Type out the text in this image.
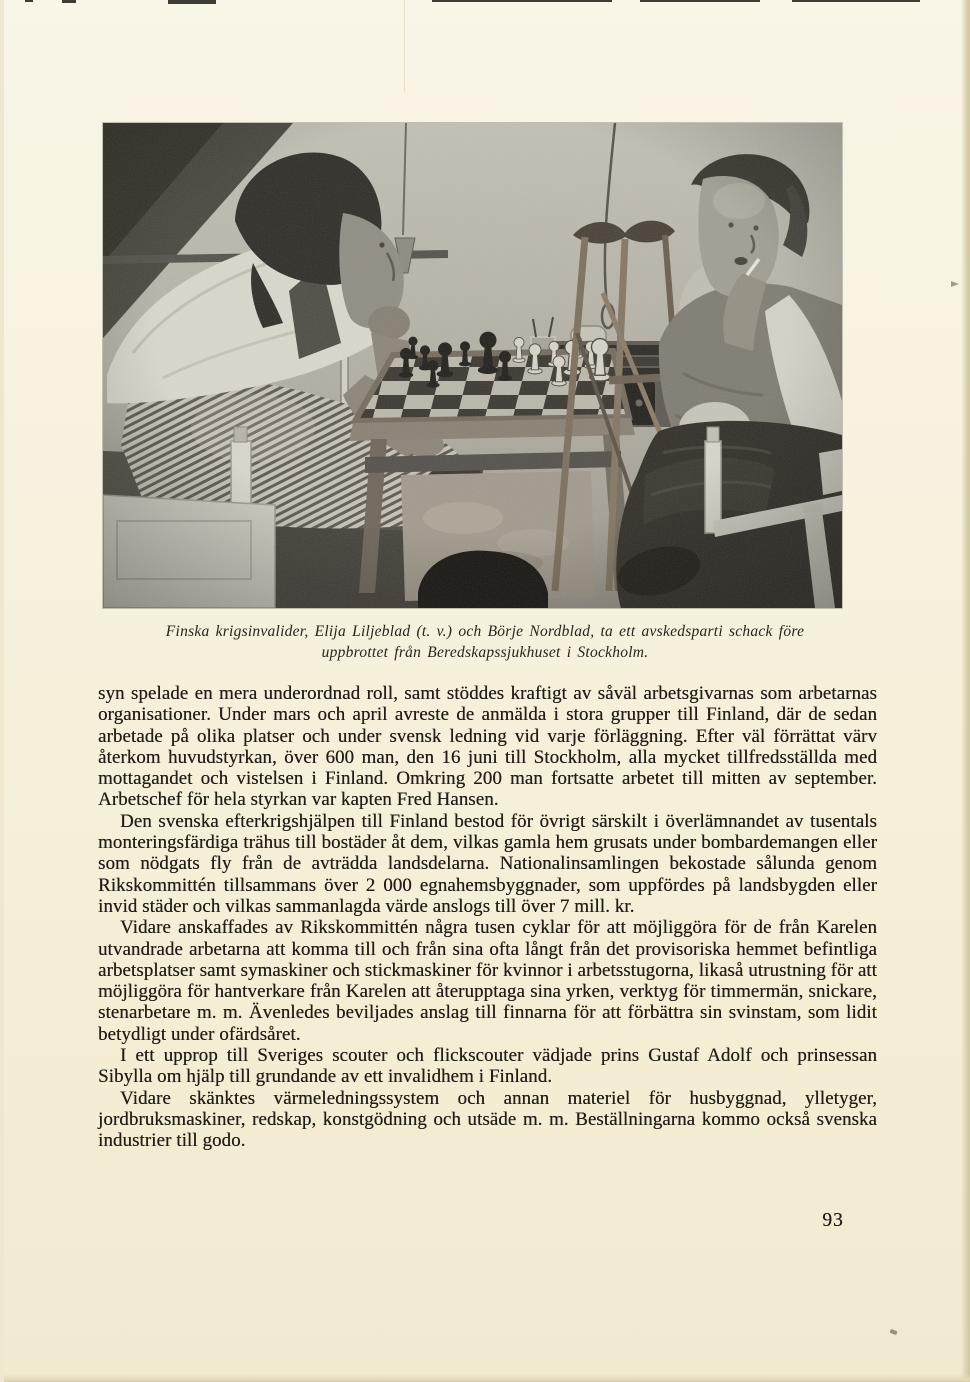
Finska krigsinvalider, Elija Liljeblad (t. v.) och Börje Nordblad, ta ett avskedsparti schack före
uppbrottet från Beredskapssjukhuset i Stockholm.

syn spelade en mera underordnad roll, samt stöddes kraftigt av såväl arbetsgivarnas som arbetarnas organisationer. Under mars och april avreste de anmälda i stora grupper till Finland, där de sedan arbetade på olika platser och under svensk ledning vid varje förläggning. Efter väl förrättat värv återkom huvudstyrkan, över 600 man, den 16 juni till Stockholm, alla mycket tillfredsställda med mottagandet och vistelsen i Finland. Omkring 200 man fortsatte arbetet till mitten av september. Arbetschef för hela styrkan var kapten Fred Hansen.

Den svenska efterkrigshjälpen till Finland bestod för övrigt särskilt i överlämnandet av tusentals monteringsfärdiga trähus till bostäder åt dem, vilkas gamla hem grusats under bombardemangen eller som nödgats fly från de avträdda landsdelarna. Nationalinsamlingen bekostade sålunda genom Rikskommittén tillsammans över 2 000 egnahemsbyggnader, som uppfördes på landsbygden eller invid städer och vilkas sammanlagda värde anslogs till över 7 mill. kr.

Vidare anskaffades av Rikskommittén några tusen cyklar för att möjliggöra för de från Karelen utvandrade arbetarna att komma till och från sina ofta långt från det provisoriska hemmet befintliga arbetsplatser samt symaskiner och stickmaskiner för kvinnor i arbetsstugorna, likaså utrustning för att möjliggöra för hantverkare från Karelen att återupptaga sina yrken, verktyg för timmermän, snickare, stenarbetare m. m. Ävenledes beviljades anslag till finnarna för att förbättra sin svinstam, som lidit betydligt under ofärdsåret.

I ett upprop till Sveriges scouter och flickscouter vädjade prins Gustaf Adolf och prinsessan Sibylla om hjälp till grundande av ett invalidhem i Finland.

Vidare skänktes värmeledningssystem och annan materiel för husbyggnad, ylletyger, jordbruksmaskiner, redskap, konstgödning och utsäde m. m. Beställningarna kommo också svenska industrier till godo.

93
